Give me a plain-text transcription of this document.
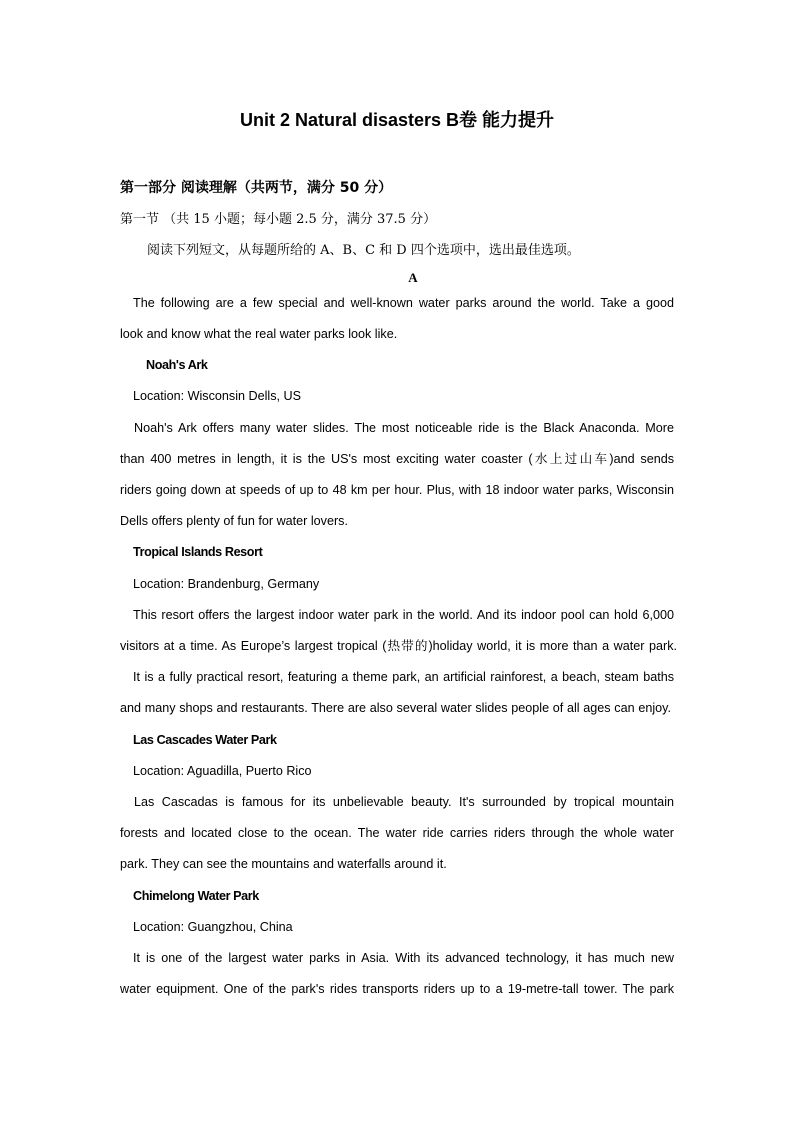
Unit 2 Natural disasters B卷 能力提升
第一部分 阅读理解（共两节，满分 50 分）
第一节 （共 15 小题；每小题 2.5 分，满分 37.5 分）
阅读下列短文，从每题所给的 A、B、C 和 D 四个选项中，选出最佳选项。
A
The following are a few special and well-known water parks around the world. Take a good
look and know what the real water parks look like.
Noah's Ark
Location: Wisconsin Dells, US
Noah's Ark offers many water slides. The most noticeable ride is the Black Anaconda. More
than 400 metres in length, it is the US's most exciting water coaster (水上过山车)and sends
riders going down at speeds of up to 48 km per hour. Plus, with 18 indoor water parks, Wisconsin
Dells offers plenty of fun for water lovers.
Tropical Islands Resort
Location: Brandenburg, Germany
This resort offers the largest indoor water park in the world. And its indoor pool can hold 6,000
visitors at a time. As Europe’s largest tropical (热带的)holiday world, it is more than a water park.
It is a fully practical resort, featuring a theme park, an artificial rainforest, a beach, steam baths
and many shops and restaurants. There are also several water slides people of all ages can enjoy.
Las Cascades Water Park
Location: Aguadilla, Puerto Rico
Las Cascadas is famous for its unbelievable beauty. It's surrounded by tropical mountain
forests and located close to the ocean. The water ride carries riders through the whole water
park. They can see the mountains and waterfalls around it.
Chimelong Water Park
Location: Guangzhou, China
It is one of the largest water parks in Asia. With its advanced technology, it has much new
water equipment. One of the park's rides transports riders up to a 19-metre-tall tower. The park
